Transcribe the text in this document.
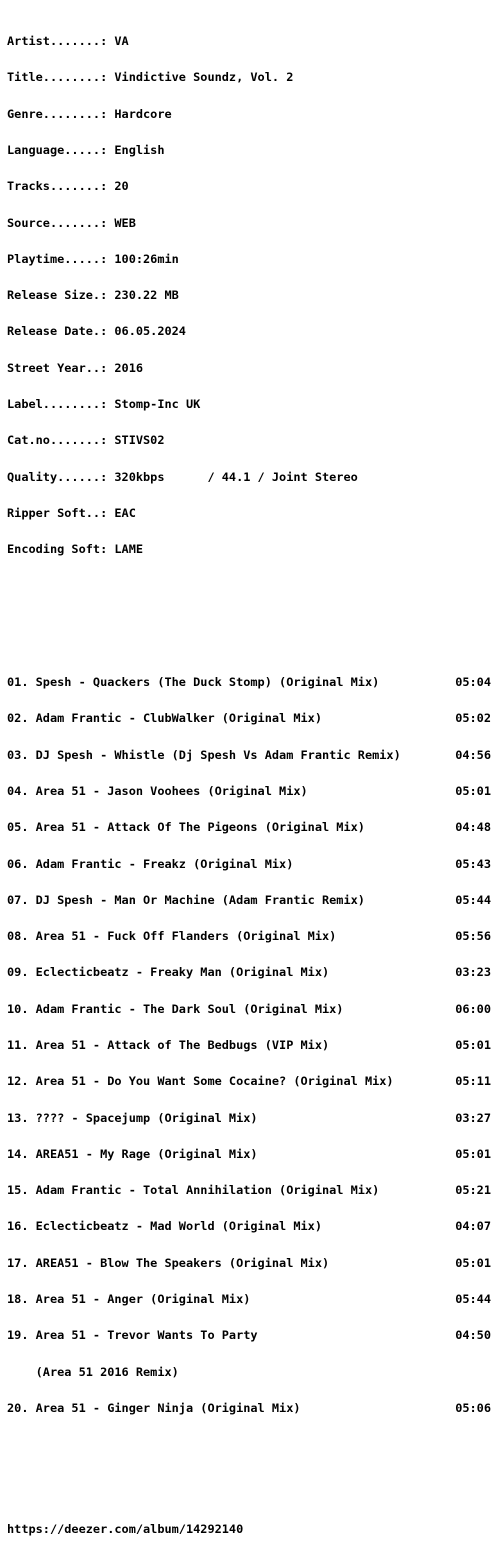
Artist.......: VA

Title........: Vindictive Soundz, Vol. 2

Genre........: Hardcore

Language.....: English

Tracks.......: 20

Source.......: WEB

Playtime.....: 100:26min

Release Size.: 230.22 MB

Release Date.: 06.05.2024

Street Year..: 2016

Label........: Stomp-Inc UK

Cat.no.......: STIVS02

Quality......: 320kbps      / 44.1 / Joint Stereo

Ripper Soft..: EAC

Encoding Soft: LAME

01. Spesh - Quackers (The Duck Stomp) (Original Mix)	05:04

02. Adam Frantic - ClubWalker (Original Mix)	05:02

03. DJ Spesh - Whistle (Dj Spesh Vs Adam Frantic Remix)	04:56

04. Area 51 - Jason Voohees (Original Mix)	05:01

05. Area 51 - Attack Of The Pigeons (Original Mix)	04:48

06. Adam Frantic - Freakz (Original Mix)	05:43

07. DJ Spesh - Man Or Machine (Adam Frantic Remix)	05:44

08. Area 51 - Fuck Off Flanders (Original Mix)	05:56

09. Eclecticbeatz - Freaky Man (Original Mix)	03:23

10. Adam Frantic - The Dark Soul (Original Mix)	06:00

11. Area 51 - Attack of The Bedbugs (VIP Mix)	05:01

12. Area 51 - Do You Want Some Cocaine? (Original Mix)	05:11

13. ???? - Spacejump (Original Mix)	03:27

14. AREA51 - My Rage (Original Mix)	05:01

15. Adam Frantic - Total Annihilation (Original Mix)	05:21

16. Eclecticbeatz - Mad World (Original Mix)	04:07

17. AREA51 - Blow The Speakers (Original Mix)	05:01

18. Area 51 - Anger (Original Mix)	05:44

19. Area 51 - Trevor Wants To Party	04:50

(Area 51 2016 Remix)

20. Area 51 - Ginger Ninja (Original Mix)	05:06

https://deezer.com/album/14292140
